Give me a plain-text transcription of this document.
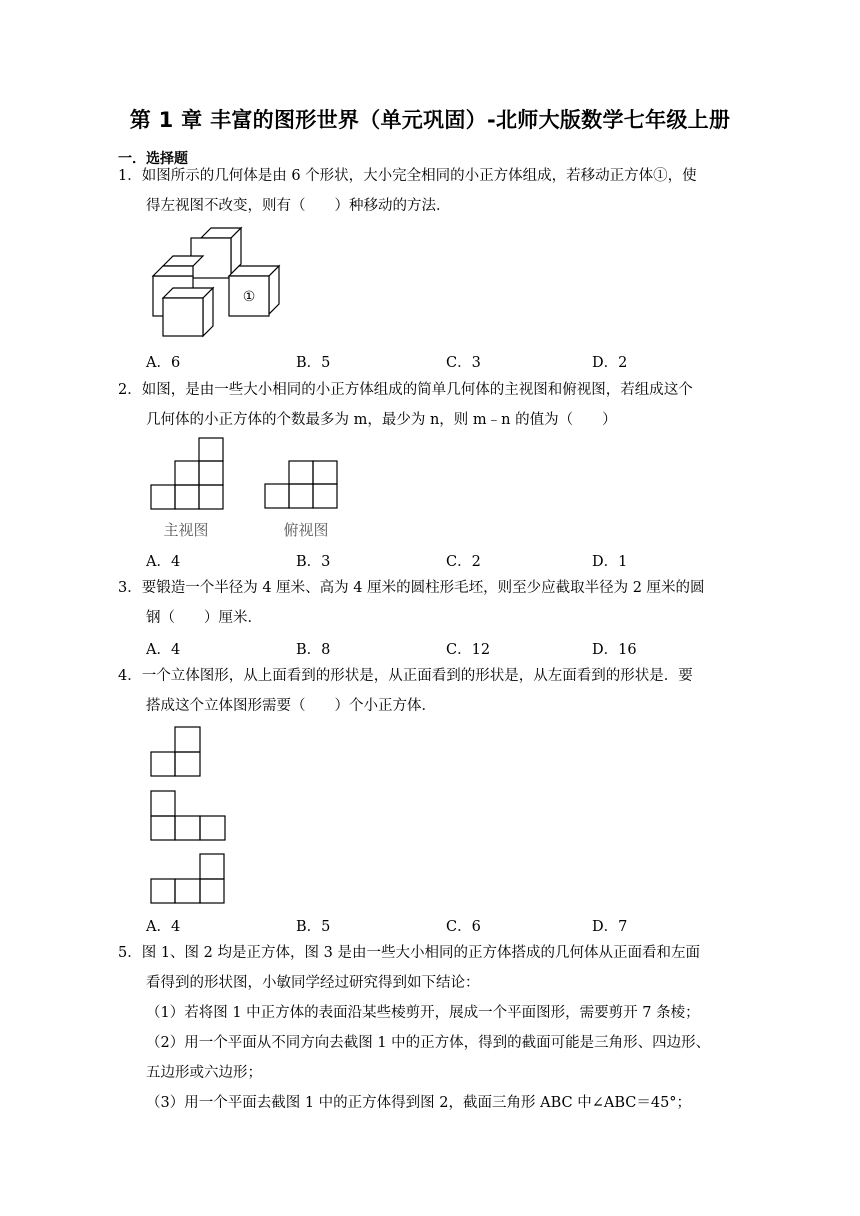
第 1 章 丰富的图形世界（单元巩固）-北师大版数学七年级上册
一．选择题
1．如图所示的几何体是由 6 个形状，大小完全相同的小正方体组成，若移动正方体①，使
得左视图不改变，则有（　　）种移动的方法．
①
A．6	B．5	C．3	D．2
2．如图，是由一些大小相同的小正方体组成的简单几何体的主视图和俯视图，若组成这个
几何体的小正方体的个数最多为 m，最少为 n，则 m﹣n 的值为（　　）
主视图	俯视图
A．4	B．3	C．2	D．1
3．要锻造一个半径为 4 厘米、高为 4 厘米的圆柱形毛坯，则至少应截取半径为 2 厘米的圆
钢（　　）厘米．
A．4	B．8	C．12	D．16
4．一个立体图形，从上面看到的形状是，从正面看到的形状是，从左面看到的形状是．要
搭成这个立体图形需要（　　）个小正方体．
A．4	B．5	C．6	D．7
5．图 1、图 2 均是正方体，图 3 是由一些大小相同的正方体搭成的几何体从正面看和左面
看得到的形状图，小敏同学经过研究得到如下结论：
（1）若将图 1 中正方体的表面沿某些棱剪开，展成一个平面图形，需要剪开 7 条棱；
（2）用一个平面从不同方向去截图 1 中的正方体，得到的截面可能是三角形、四边形、
五边形或六边形；
（3）用一个平面去截图 1 中的正方体得到图 2，截面三角形 ABC 中∠ABC＝45°；
